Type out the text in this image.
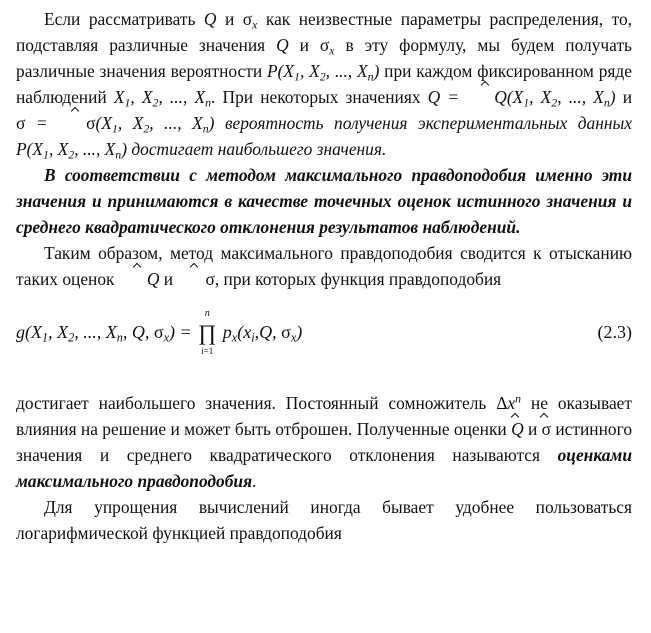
Если рассматривать Q и $\sigma_x$ как неизвестные параметры распределения, то, подставляя различные значения Q и $\sigma_x$ в эту формулу, мы будем получать различные значения вероятности $P(X_1$, $X_2$, ..., $X_n$) при каждом фиксированном ряде наблюдений $X_1$, $X_2$, ..., $X_n$. При некоторых значениях $Q = Q(X_1$, $X_2$, ..., $X_n$) и $\sigma = \sigma(X_1$, $X_2$, ..., $X_n$) вероятность получения экспериментальных данных $P(X_1$, $X_2$, ..., $X_n$) достигает наибольшего значения.

В соответствии с методом максимального правдоподобия именно эти значения и принимаются в качестве точечных оценок истинного значения и среднего квадратического отклонения результатов наблюдений.

Таким образом, метод максимального правдоподобия сводится к отысканию таких оценок Q и σ, при которых функция правдоподобия

$g(X_1$, $X_2$, ..., $X_n$, Q, $\sigma_x$) = ∏
n
i=1
$p_x(x_i,Q$, $\sigma_x$)	(2.3)

достигает наибольшего значения. Постоянный сомножитель $\Delta x^n$ не оказывает влияния на решение и может быть отброшен. Полученные оценки Q и σ истинного значения и среднего квадратического отклонения называются оценками максимального правдоподобия.

Для упрощения вычислений иногда бывает удобнее пользоваться логарифмической функцией правдоподобия
